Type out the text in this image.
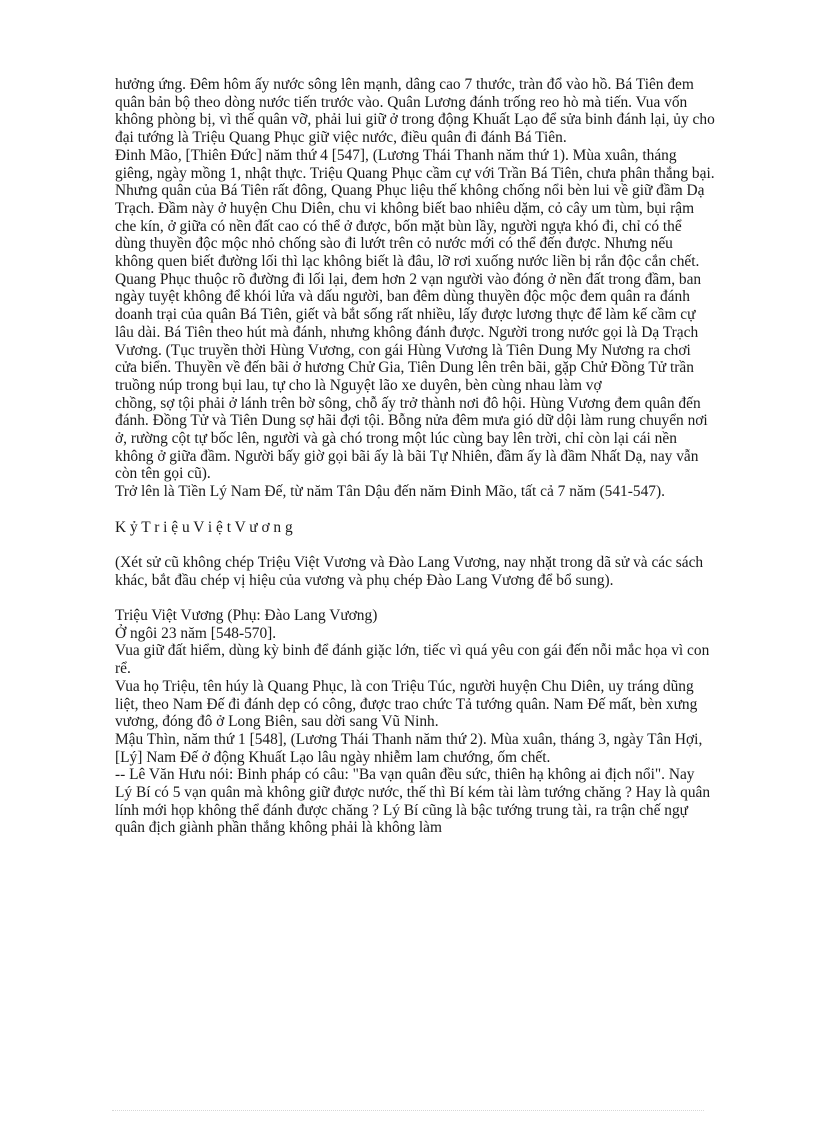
hưởng ứng. Đêm hôm ấy nước sông lên mạnh, dâng cao 7 thước, tràn đổ vào hồ. Bá Tiên đem quân bản bộ theo dòng nước tiến trước vào. Quân Lương đánh trống reo hò mà tiến. Vua vốn không phòng bị, vì thế quân vỡ, phải lui giữ ở trong động Khuất Lạo để sửa binh đánh lại, ủy cho đại tướng là Triệu Quang Phục giữ việc nước, điều quân đi đánh Bá Tiên.

Đinh Mão, [Thiên Đức] năm thứ 4 [547], (Lương Thái Thanh năm thứ 1). Mùa xuân, tháng giêng, ngày mồng 1, nhật thực. Triệu Quang Phục cầm cự với Trần Bá Tiên, chưa phân thắng bại. Nhưng quân của Bá Tiên rất đông, Quang Phục liệu thế không chống nổi bèn lui về giữ đầm Dạ Trạch. Đầm này ở huyện Chu Diên, chu vi không biết bao nhiêu dặm, cỏ cây um tùm, bụi rậm che kín, ở giữa có nền đất cao có thể ở được, bốn mặt bùn lầy, người ngựa khó đi, chỉ có thể dùng thuyền độc mộc nhỏ chống sào đi lướt trên cỏ nước mới có thể đến được. Nhưng nếu không quen biết đường lối thì lạc không biết là đâu, lỡ rơi xuống nước liền bị rắn độc cắn chết. Quang Phục thuộc rõ đường đi lối lại, đem hơn 2 vạn người vào đóng ở nền đất trong đầm, ban ngày tuyệt không để khói lửa và dấu người, ban đêm dùng thuyền độc mộc đem quân ra đánh doanh trại của quân Bá Tiên, giết và bắt sống rất nhiều, lấy được lương thực để làm kế cầm cự lâu dài. Bá Tiên theo hút mà đánh, nhưng không đánh được. Người trong nước gọi là Dạ Trạch Vương. (Tục truyền thời Hùng Vương, con gái Hùng Vương là Tiên Dung My Nương ra chơi cửa biển. Thuyền về đến bãi ở hương Chử Gia, Tiên Dung lên trên bãi, gặp Chử Đồng Tử trần truồng núp trong bụi lau, tự cho là Nguyệt lão xe duyên, bèn cùng nhau làm vợ

chồng, sợ tội phải ở lánh trên bờ sông, chỗ ấy trở thành nơi đô hội. Hùng Vương đem quân đến đánh. Đồng Tử và Tiên Dung sợ hãi đợi tội. Bỗng nửa đêm mưa gió dữ dội làm rung chuyển nơi ở, rường cột tự bốc lên, người và gà chó trong một lúc cùng bay lên trời, chỉ còn lại cái nền không ở giữa đầm. Người bấy giờ gọi bãi ấy là bãi Tự Nhiên, đầm ấy là đầm Nhất Dạ, nay vẫn còn tên gọi cũ).

Trở lên là Tiền Lý Nam Đế, từ năm Tân Dậu đến năm Đinh Mão, tất cả 7 năm (541-547).

K ỷ T r i ệ u V i ệ t V ư ơ n g

(Xét sử cũ không chép Triệu Việt Vương và Đào Lang Vương, nay nhặt trong dã sử và các sách khác, bắt đầu chép vị hiệu của vương và phụ chép Đào Lang Vương để bổ sung).

Triệu Việt Vương (Phụ: Đào Lang Vương)

Ở ngôi 23 năm [548-570].

Vua giữ đất hiểm, dùng kỳ binh để đánh giặc lớn, tiếc vì quá yêu con gái đến nỗi mắc họa vì con rể.

Vua họ Triệu, tên húy là Quang Phục, là con Triệu Túc, người huyện Chu Diên, uy tráng dũng liệt, theo Nam Đế đi đánh dẹp có công, được trao chức Tả tướng quân. Nam Đế mất, bèn xưng vương, đóng đô ở Long Biên, sau dời sang Vũ Ninh.

Mậu Thìn, năm thứ 1 [548], (Lương Thái Thanh năm thứ 2). Mùa xuân, tháng 3, ngày Tân Hợi, [Lý] Nam Đế ở động Khuất Lạo lâu ngày nhiễm lam chướng, ốm chết.

-- Lê Văn Hưu nói: Binh pháp có câu: "Ba vạn quân đều sức, thiên hạ không ai địch nổi". Nay Lý Bí có 5 vạn quân mà không giữ được nước, thế thì Bí kém tài làm tướng chăng ? Hay là quân lính mới họp không thể đánh được chăng ? Lý Bí cũng là bậc tướng trung tài, ra trận chế ngự quân địch giành phần thắng không phải là không làm
